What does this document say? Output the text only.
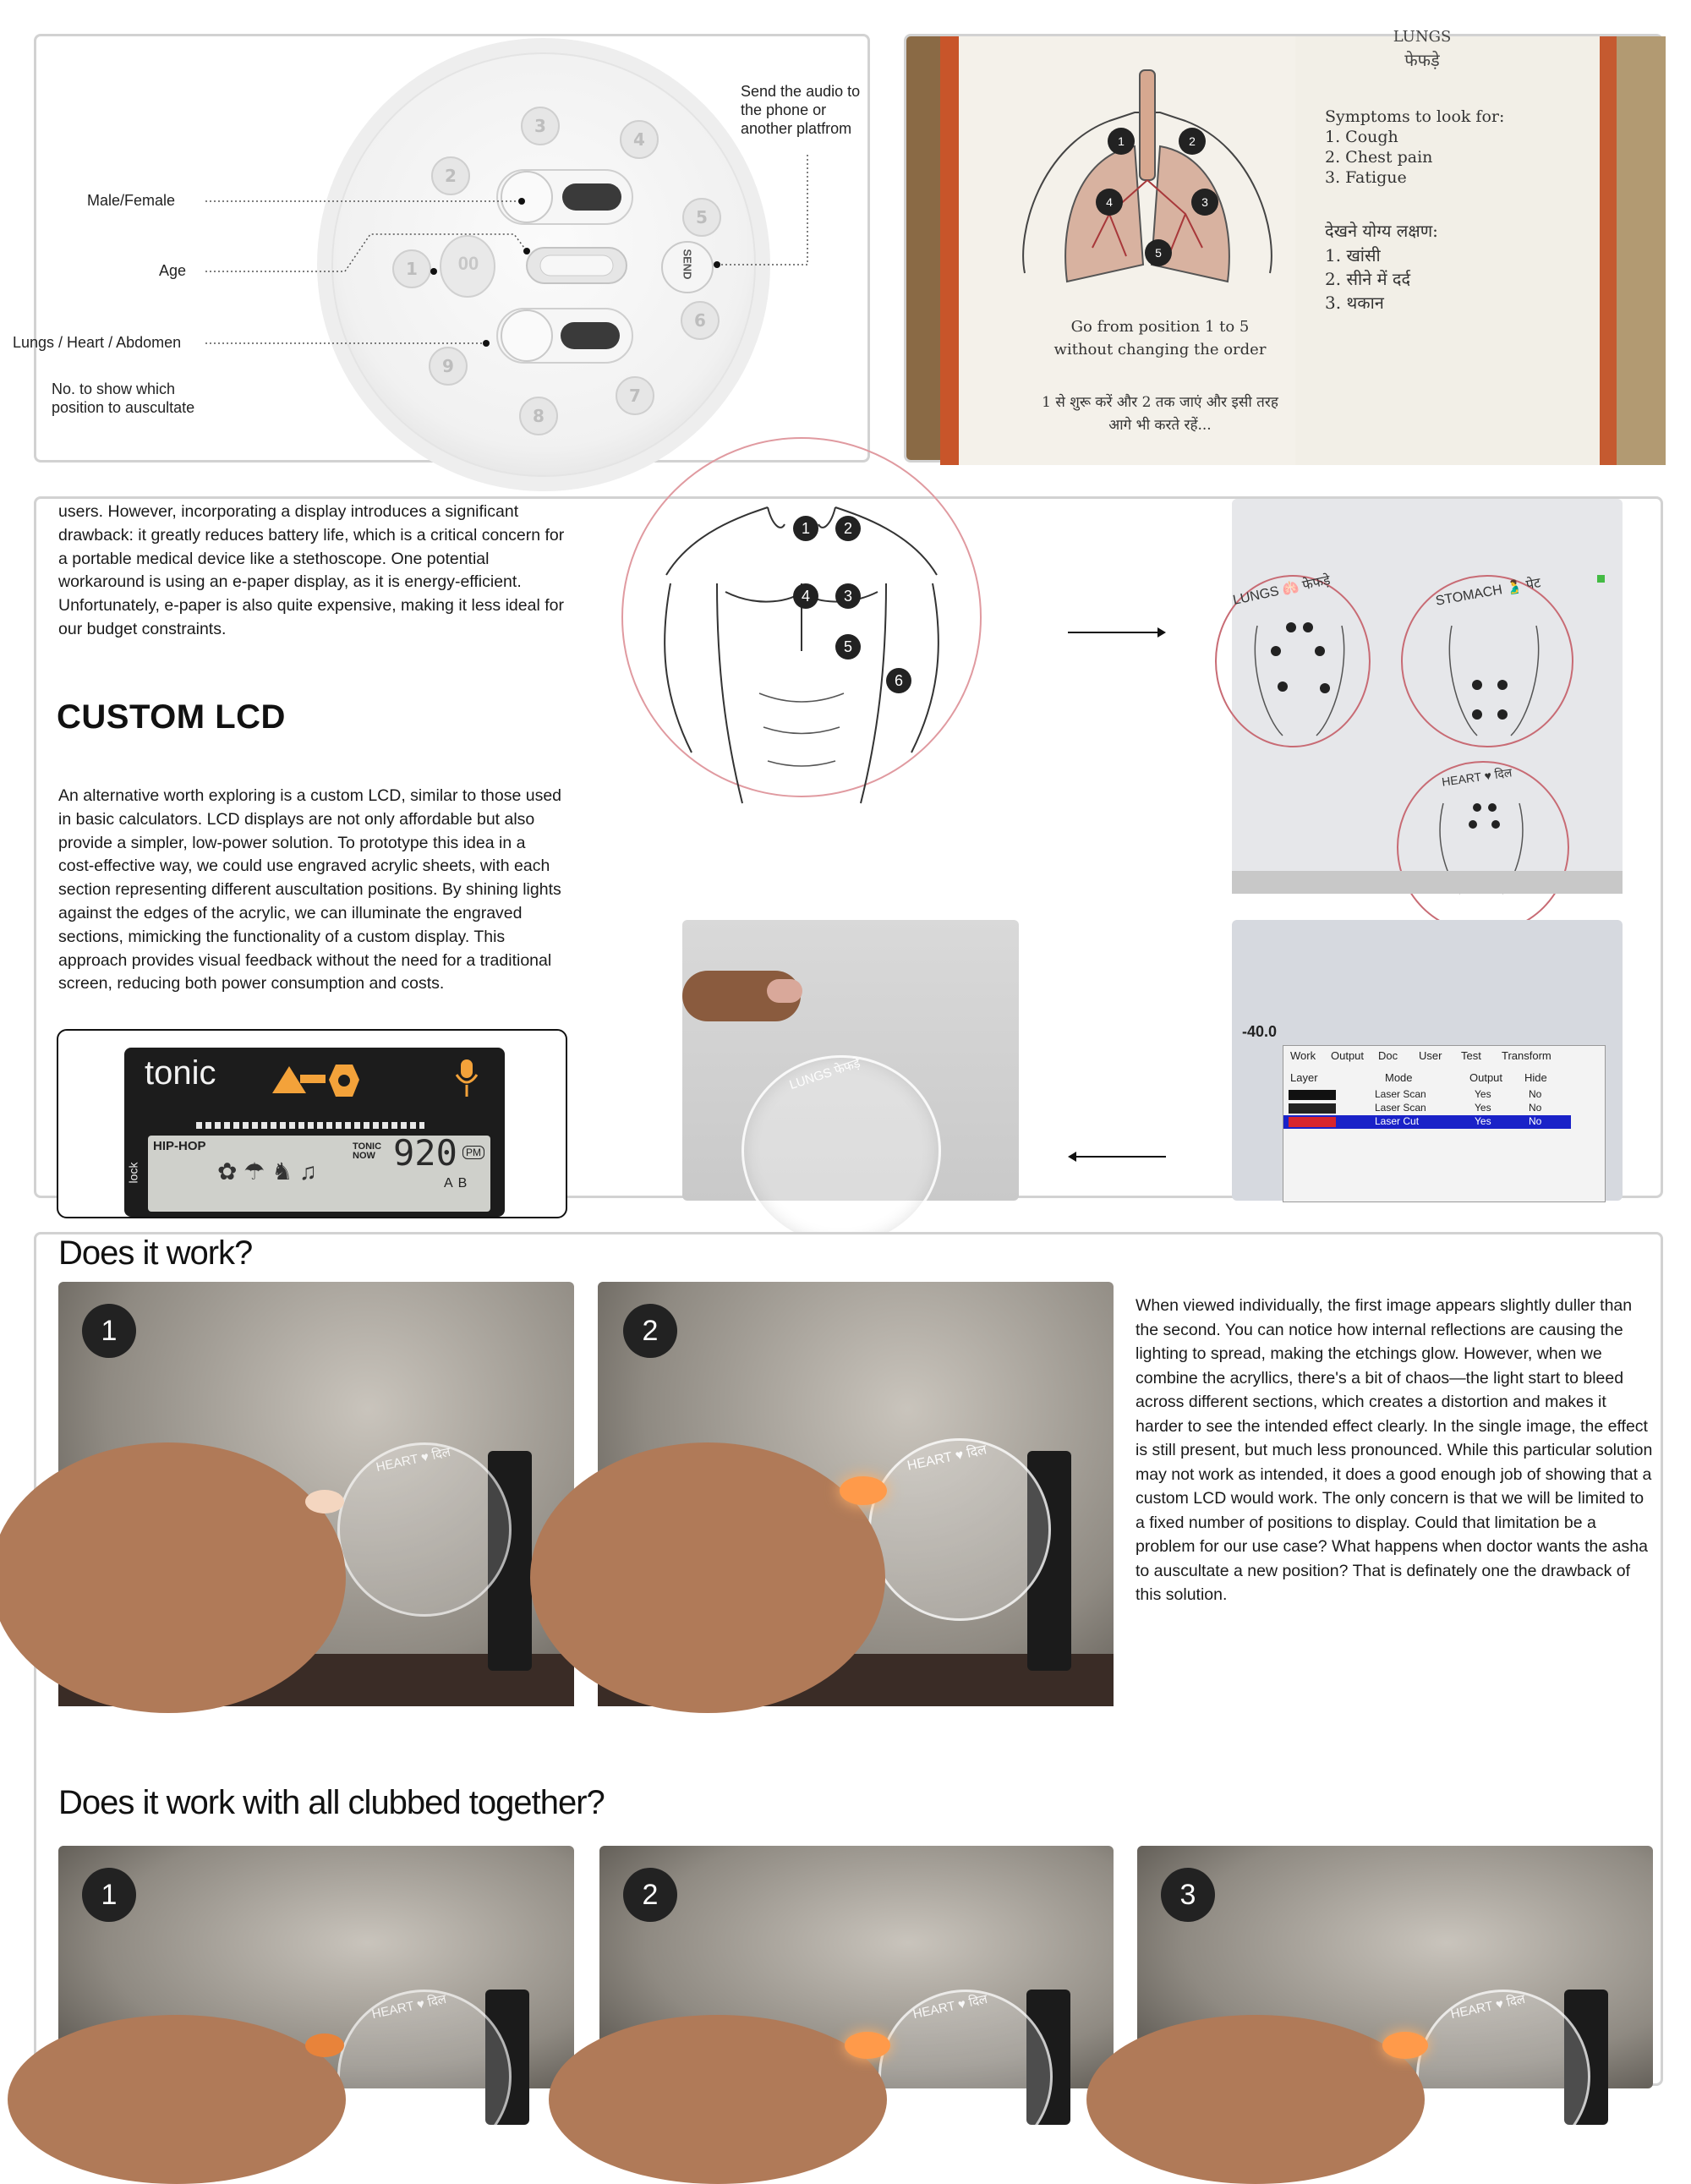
3
4
5
6
7
8
9
1
2
00	SEND
Send the audio to the phone or another platfrom
Male/Female
Age
Lungs / Heart / Abdomen
No. to show which position to auscultate
1	2
4	3
5
Go from position 1 to 5 without changing the order
1 से शुरू करें और 2 तक जाएं और इसी तरह आगे भी करते रहें...
LUNGS
फेफड़े
Symptoms to look for:
1. Cough
2. Chest pain
3. Fatigue
देखने योग्य लक्षण:
1. खांसी
2. सीने में दर्द
3. थकान
users. However, incorporating a display introduces a significant drawback: it greatly reduces battery life, which is a critical concern for a portable medical device like a stethoscope. One potential workaround is using an e-paper display, as it is energy-efficient. Unfortunately, e-paper is also quite expensive, making it less ideal for our budget constraints.
CUSTOM LCD
An alternative worth exploring is a custom LCD, similar to those used in basic calculators. LCD displays are not only affordable but also provide a simpler, low-power solution. To prototype this idea in a cost-effective way, we could use engraved acrylic sheets, with each section representing different auscultation positions. By shining lights against the edges of the acrylic, we can illuminate the engraved sections, mimicking the functionality of a custom display. This approach provides visual feedback without the need for a traditional screen, reducing both power consumption and costs.
tonic
HIP-HOP	TONIC NOW 920 PM
AB
lock	✿ ☂ ♞ ♫
1	2
4	3
5
6
LUNGS 🫁 फेफड़े	STOMACH 🫃 पेट
HEART ♥ दिल
LUNGS फेफड़े
-40.0
Work Output Doc User Test Transform
Layer	Mode	Output Hide
Laser Scan	Yes	No
Laser Scan	Yes	No
Laser Cut	Yes	No
Does it work?
HEART ♥ दिल
1
HEART ♥ दिल
2
When viewed individually, the first image appears slightly duller than the second. You can notice how internal reflections are causing the lighting to spread, making the etchings glow. However, when we combine the acryllics, there's a bit of chaos—the light start to bleed across different sections, which creates a distortion and makes it harder to see the intended effect clearly. In the single image, the effect is still present, but much less pronounced. While this particular solution may not work as intended, it does a good enough job of showing that a custom LCD would work. The only concern is that we will be limited to a fixed number of positions to display. Could that limitation be a problem for our use case? What happens when doctor wants the asha to auscultate a new position? That is definately one the drawback of this solution.
Does it work with all clubbed together?
HEART ♥ दिल
1
HEART ♥ दिल
2
HEART ♥ दिल
3
